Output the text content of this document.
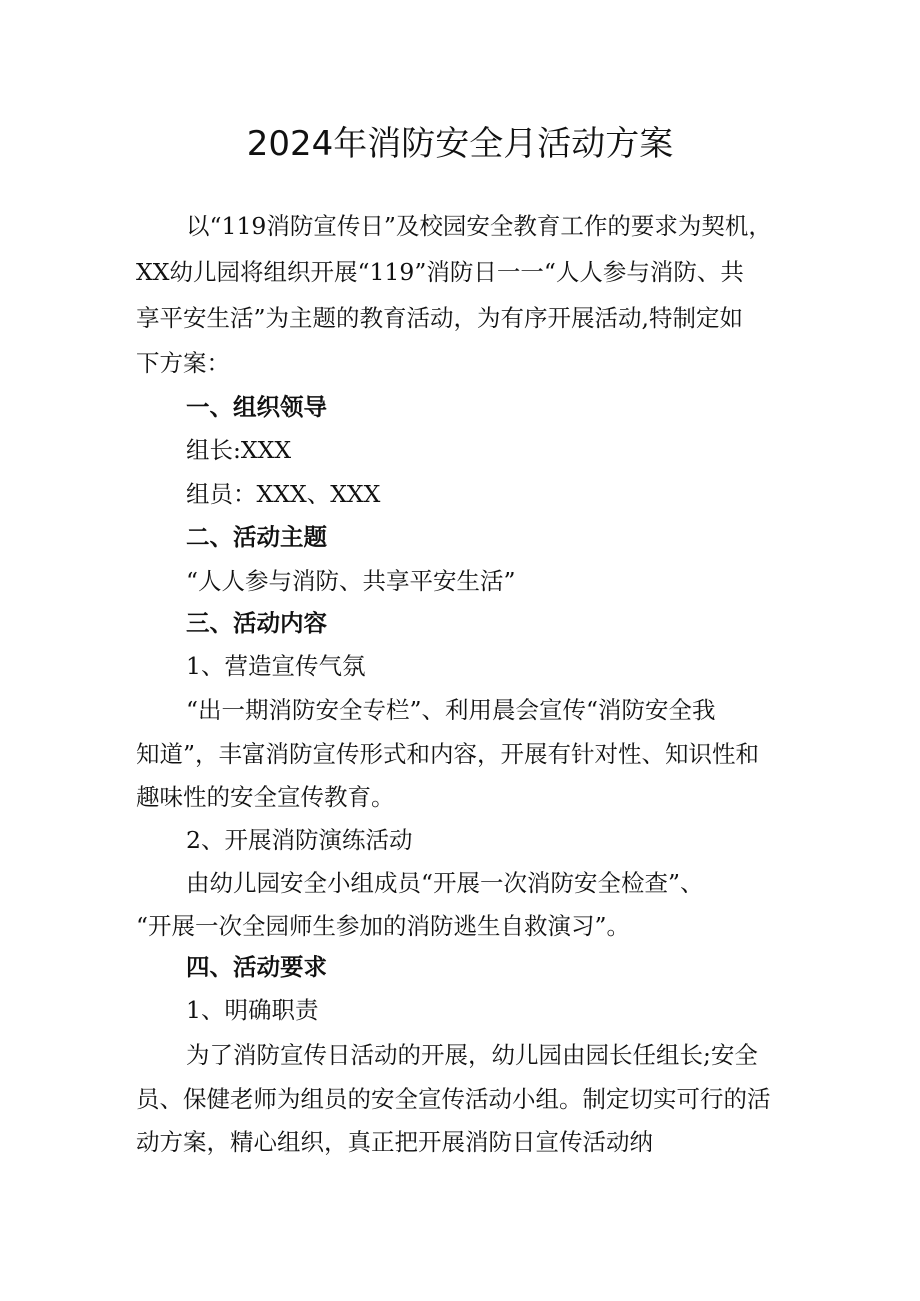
2024年消防安全月活动方案
以“119消防宣传日”及校园安全教育工作的要求为契机，
XX幼儿园将组织开展“119”消防日一一“人人参与消防、共
享平安生活”为主题的教育活动，为有序开展活动,特制定如
下方案：
一、组织领导
组长:XXX
组员：XXX、XXX
二、活动主题
“人人参与消防、共享平安生活”
三、活动内容
1、营造宣传气氛
“出一期消防安全专栏”、利用晨会宣传“消防安全我
知道”，丰富消防宣传形式和内容，开展有针对性、知识性和
趣味性的安全宣传教育。
2、开展消防演练活动
由幼儿园安全小组成员“开展一次消防安全检查”、
“开展一次全园师生参加的消防逃生自救演习”。
四、活动要求
1、明确职责
为了消防宣传日活动的开展，幼儿园由园长任组长;安全
员、保健老师为组员的安全宣传活动小组。制定切实可行的活
动方案，精心组织，真正把开展消防日宣传活动纳
